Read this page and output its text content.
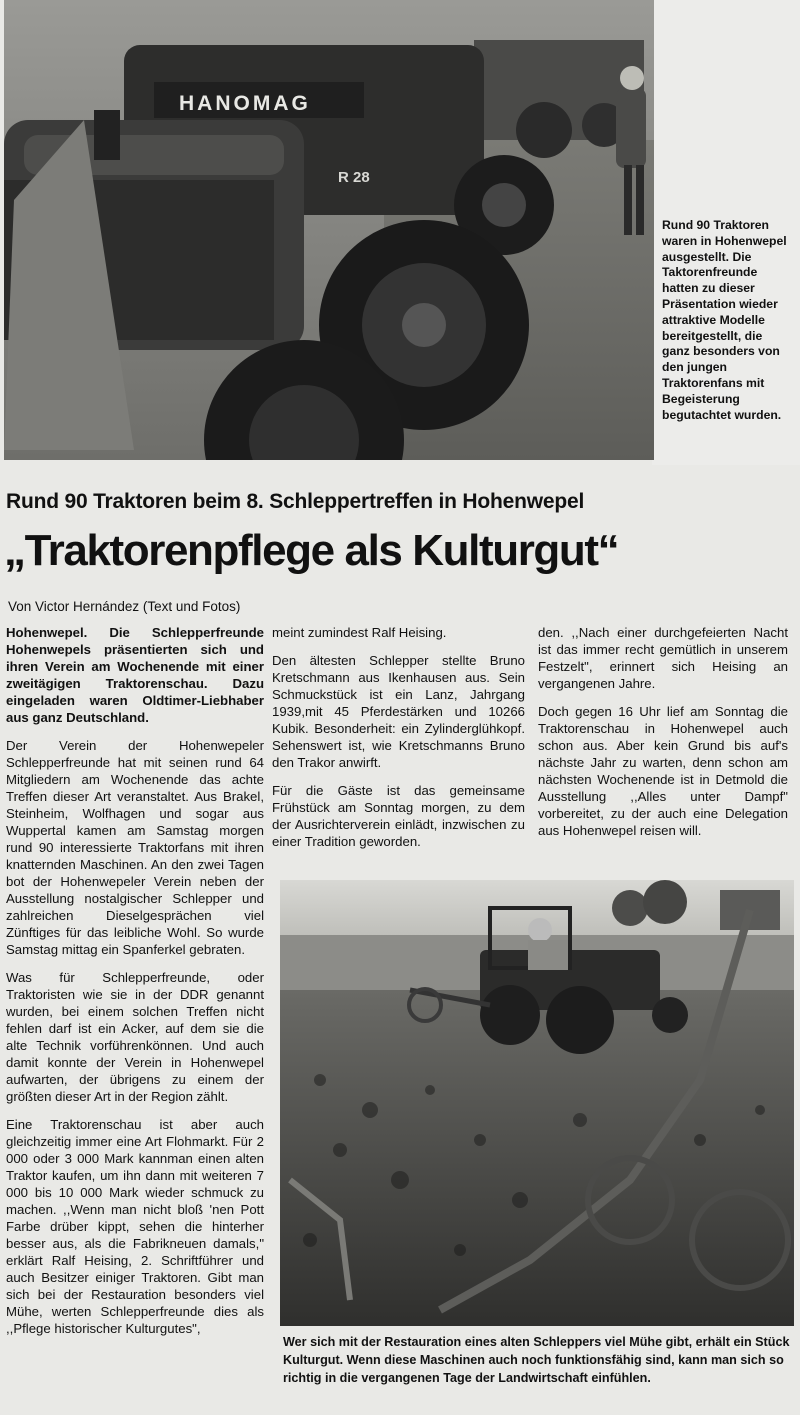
HANOMAG
R 28
Rund 90 Traktoren waren in Hohenwepel ausgestellt. Die Taktorenfreunde hatten zu dieser Präsentation wieder attraktive Modelle bereitgestellt, die ganz besonders von den jungen Traktorenfans mit Begeisterung begutachtet wurden.
Rund 90 Traktoren beim 8. Schleppertreffen in Hohenwepel
„Traktorenpflege als Kulturgut“
Von Victor Hernández (Text und Fotos)

Hohenwepel. Die Schlepperfreunde Hohenwepels präsentierten sich und ihren Verein am Wochenende mit einer zweitägigen Traktorenschau. Dazu eingeladen waren Oldtimer-Liebhaber aus ganz Deutschland.

Der Verein der Hohenwepeler Schlepperfreunde hat mit seinen rund 64 Mitgliedern am Wochenende das achte Treffen dieser Art veranstaltet. Aus Brakel, Steinheim, Wolfhagen und sogar aus Wuppertal kamen am Samstag morgen rund 90 interessierte Traktorfans mit ihren knatternden Maschinen. An den zwei Tagen bot der Hohenwepeler Verein neben der Ausstellung nostalgischer Schlepper und zahlreichen Dieselgesprächen viel Zünftiges für das leibliche Wohl. So wurde Samstag mittag ein Spanferkel gebraten.

Was für Schlepperfreunde, oder Traktoristen wie sie in der DDR genannt wurden, bei einem solchen Treffen nicht fehlen darf ist ein Acker, auf dem sie die alte Technik vorführenkönnen. Und auch damit konnte der Verein in Hohenwepel aufwarten, der übrigens zu einem der größten dieser Art in der Region zählt.

Eine Traktorenschau ist aber auch gleichzeitig immer eine Art Flohmarkt. Für 2 000 oder 3 000 Mark kannman einen alten Traktor kaufen, um ihn dann mit weiteren 7 000 bis 10 000 Mark wieder schmuck zu machen. ,,Wenn man nicht bloß 'nen Pott Farbe drüber kippt, sehen die hinterher besser aus, als die Fabrikneuen damals," erklärt Ralf Heising, 2. Schriftführer und auch Besitzer einiger Traktoren. Gibt man sich bei der Restauration besonders viel Mühe, werten Schlepperfreunde dies als ,,Pflege historischer Kulturgutes",

meint zumindest Ralf Heising.

Den ältesten Schlepper stellte Bruno Kretschmann aus Ikenhausen aus. Sein Schmuckstück ist ein Lanz, Jahrgang 1939,mit 45 Pferdestärken und 10266 Kubik. Besonderheit: ein Zylinderglühkopf. Sehenswert ist, wie Kretschmanns Bruno den Trakor anwirft.

Für die Gäste ist das gemeinsame Frühstück am Sonntag morgen, zu dem der Ausrichterverein einlädt, inzwischen zu einer Tradition geworden.

den. ,,Nach einer durchgefeierten Nacht ist das immer recht gemütlich in unserem Festzelt", erinnert sich Heising an vergangenen Jahre.

Doch gegen 16 Uhr lief am Sonntag die Traktorenschau in Hohenwepel auch schon aus. Aber kein Grund bis auf's nächste Jahr zu warten, denn schon am nächsten Wochenende ist in Detmold die Ausstellung ,,Alles unter Dampf" vorbereitet, zu der auch eine Delegation aus Hohenwepel reisen will.

Wer sich mit der Restauration eines alten Schleppers viel Mühe gibt, erhält ein Stück Kulturgut. Wenn diese Maschinen auch noch funktionsfähig sind, kann man sich so richtig in die vergangenen Tage der Landwirtschaft einfühlen.
